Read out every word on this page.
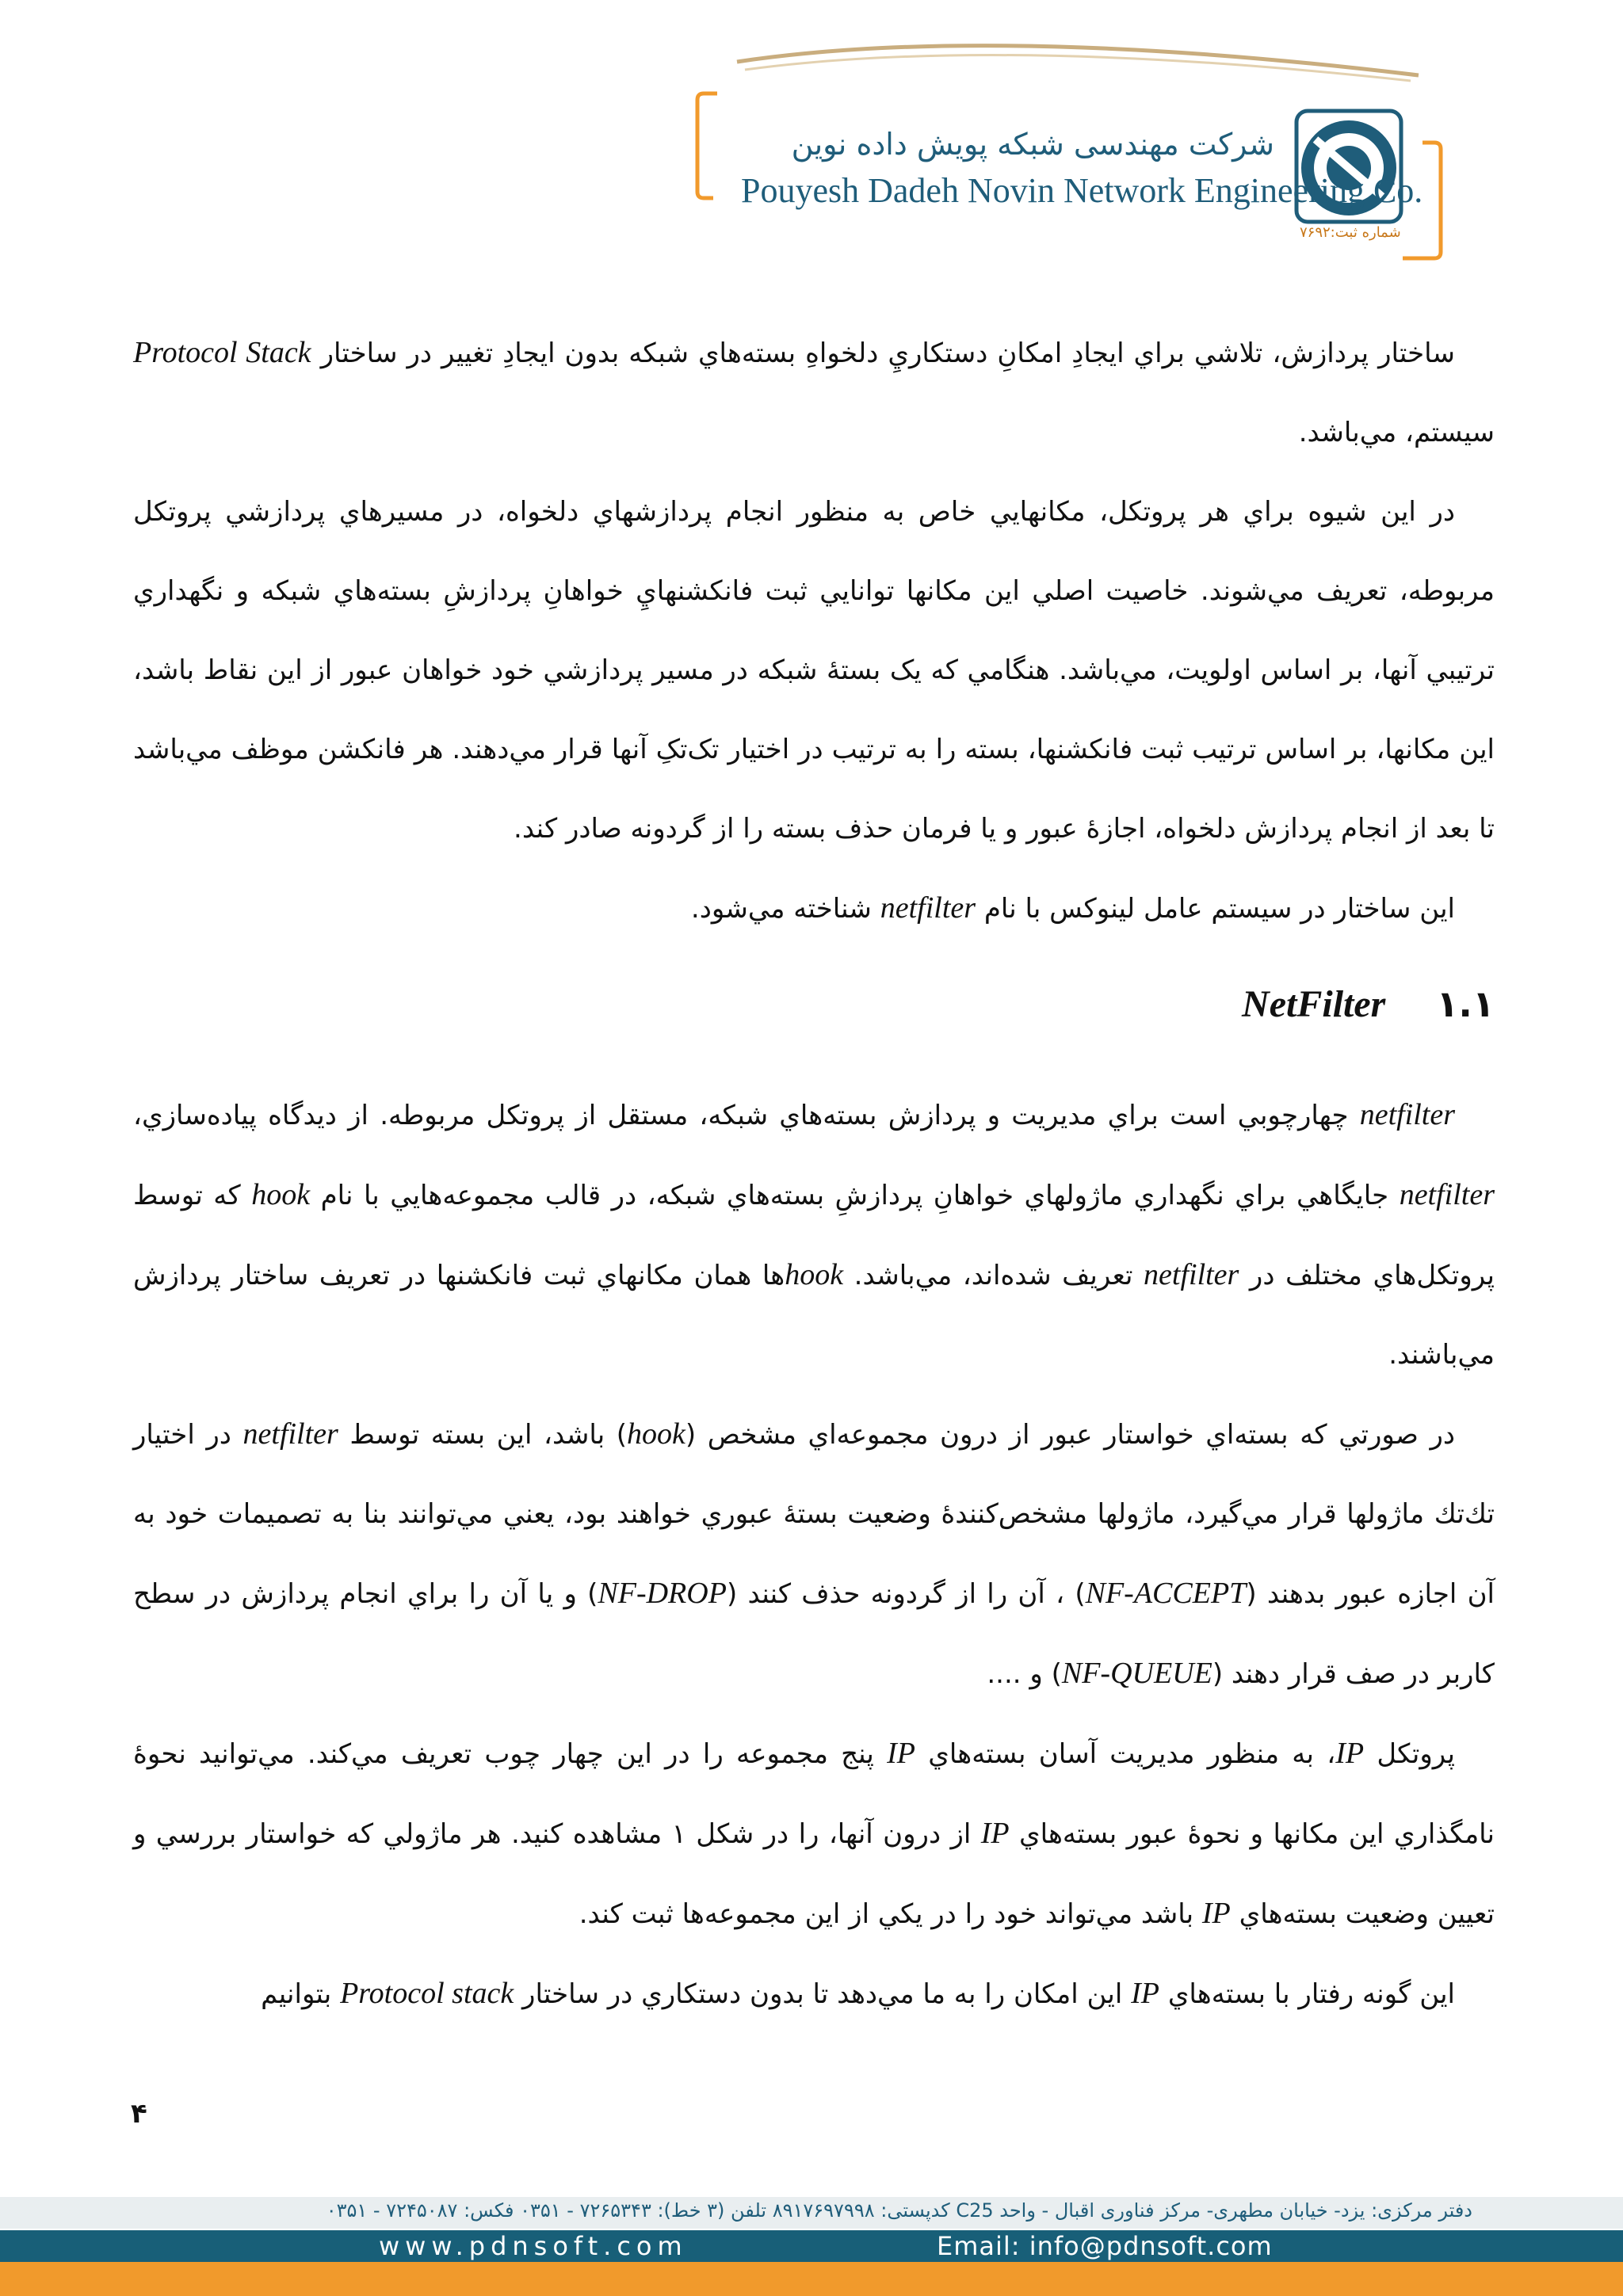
شرکت مهندسی شبکه پویش داده نوین
Pouyesh Dadeh Novin Network Engineering Co.
شماره ثبت:۷۶۹۲

ساختار پردازش، تلاشي براي ايجادِ امكانِ دستكاريِ دلخواهِ بسته‌هاي شبكه بدون ايجادِ تغيير در ساختار Protocol Stack سيستم، مي‌باشد.

در اين شيوه براي هر پروتكل، مكانهايي خاص به منظور انجام پردازشهاي دلخواه، در مسيرهاي پردازشي پروتكل مربوطه، تعريف مي‌شوند. خاصيت اصلي اين مكانها توانايي ثبت فانكشنهايِ خواهانِ پردازشِ بسته‌هاي شبكه و نگهداري ترتيبي آنها، بر اساس اولويت، مي‌باشد. هنگامي كه یک بستهٔ شبكه در مسير پردازشي خود خواهان عبور از اين نقاط باشد، اين مكانها، بر اساس ترتيب ثبت فانكشنها، بسته را به ترتيب در اختيار تک‌تکِ آنها قرار مي‌دهند. هر فانكشن موظف مي‌باشد تا بعد از انجام پردازش دلخواه، اجازهٔ عبور و يا فرمان حذف بسته را از گردونه صادر كند.

اين ساختار در سيستم عامل لينوكس با نام netfilter شناخته مي‌شود.

۱.۱ NetFilter

netfilter چهارچوبي است براي مديريت و پردازش بسته‌هاي شبكه، مستقل از پروتكل مربوطه. از ديدگاه پياده‌سازي، netfilter جايگاهي براي نگهداري ماژولهاي خواهانِ پردازشِ بسته‌هاي شبكه، در قالب مجموعه‌هايي با نام hook كه توسط پروتكل‌هاي مختلف در netfilter تعريف شده‌اند، مي‌باشد. hookها همان مكانهاي ثبت فانكشنها در تعريف ساختار پردازش مي‌باشند.

در صورتي كه بسته‌اي خواستار عبور از درون مجموعه‌اي مشخص (hook) باشد، اين بسته توسط netfilter در اختيار تك‌تك ماژولها قرار مي‌گيرد، ماژولها مشخص‌كنندهٔ وضعيت بستهٔ عبوري خواهند بود، يعني مي‌توانند بنا به تصميمات خود به آن اجازه عبور بدهند (NF-ACCEPT) ، آن را از گردونه حذف كنند (NF-DROP) و يا آن را براي انجام پردازش در سطح كاربر در صف قرار دهند (NF-QUEUE) و ....

پروتكل IP، به منظور مديريت آسان بسته‌هاي IP پنج مجموعه را در اين چهار چوب تعريف مي‌كند. مي‌توانيد نحوهٔ نامگذاري اين مكانها و نحوهٔ عبور بسته‌هاي IP از درون آنها، را در شكل ۱ مشاهده كنيد. هر ماژولي كه خواستار بررسي و تعيين وضعيت بسته‌هاي IP باشد مي‌تواند خود را در يكي از اين مجموعه‌ها ثبت كند.

اين گونه رفتار با بسته‌هاي IP اين امكان را به ما مي‌دهد تا بدون دستكاري در ساختار Protocol stack بتوانيم

۴
دفتر مرکزی: یزد- خیابان مطهری- مرکز فناوری اقبال - واحد C25 کدپستی: ۸۹۱۷۶۹۷۹۹۸ تلفن (۳ خط): ۷۲۶۵۳۴۳ - ۰۳۵۱ فکس: ۷۲۴۵۰۸۷ - ۰۳۵۱
www.pdnsoft.com	Email: info@pdnsoft.com
